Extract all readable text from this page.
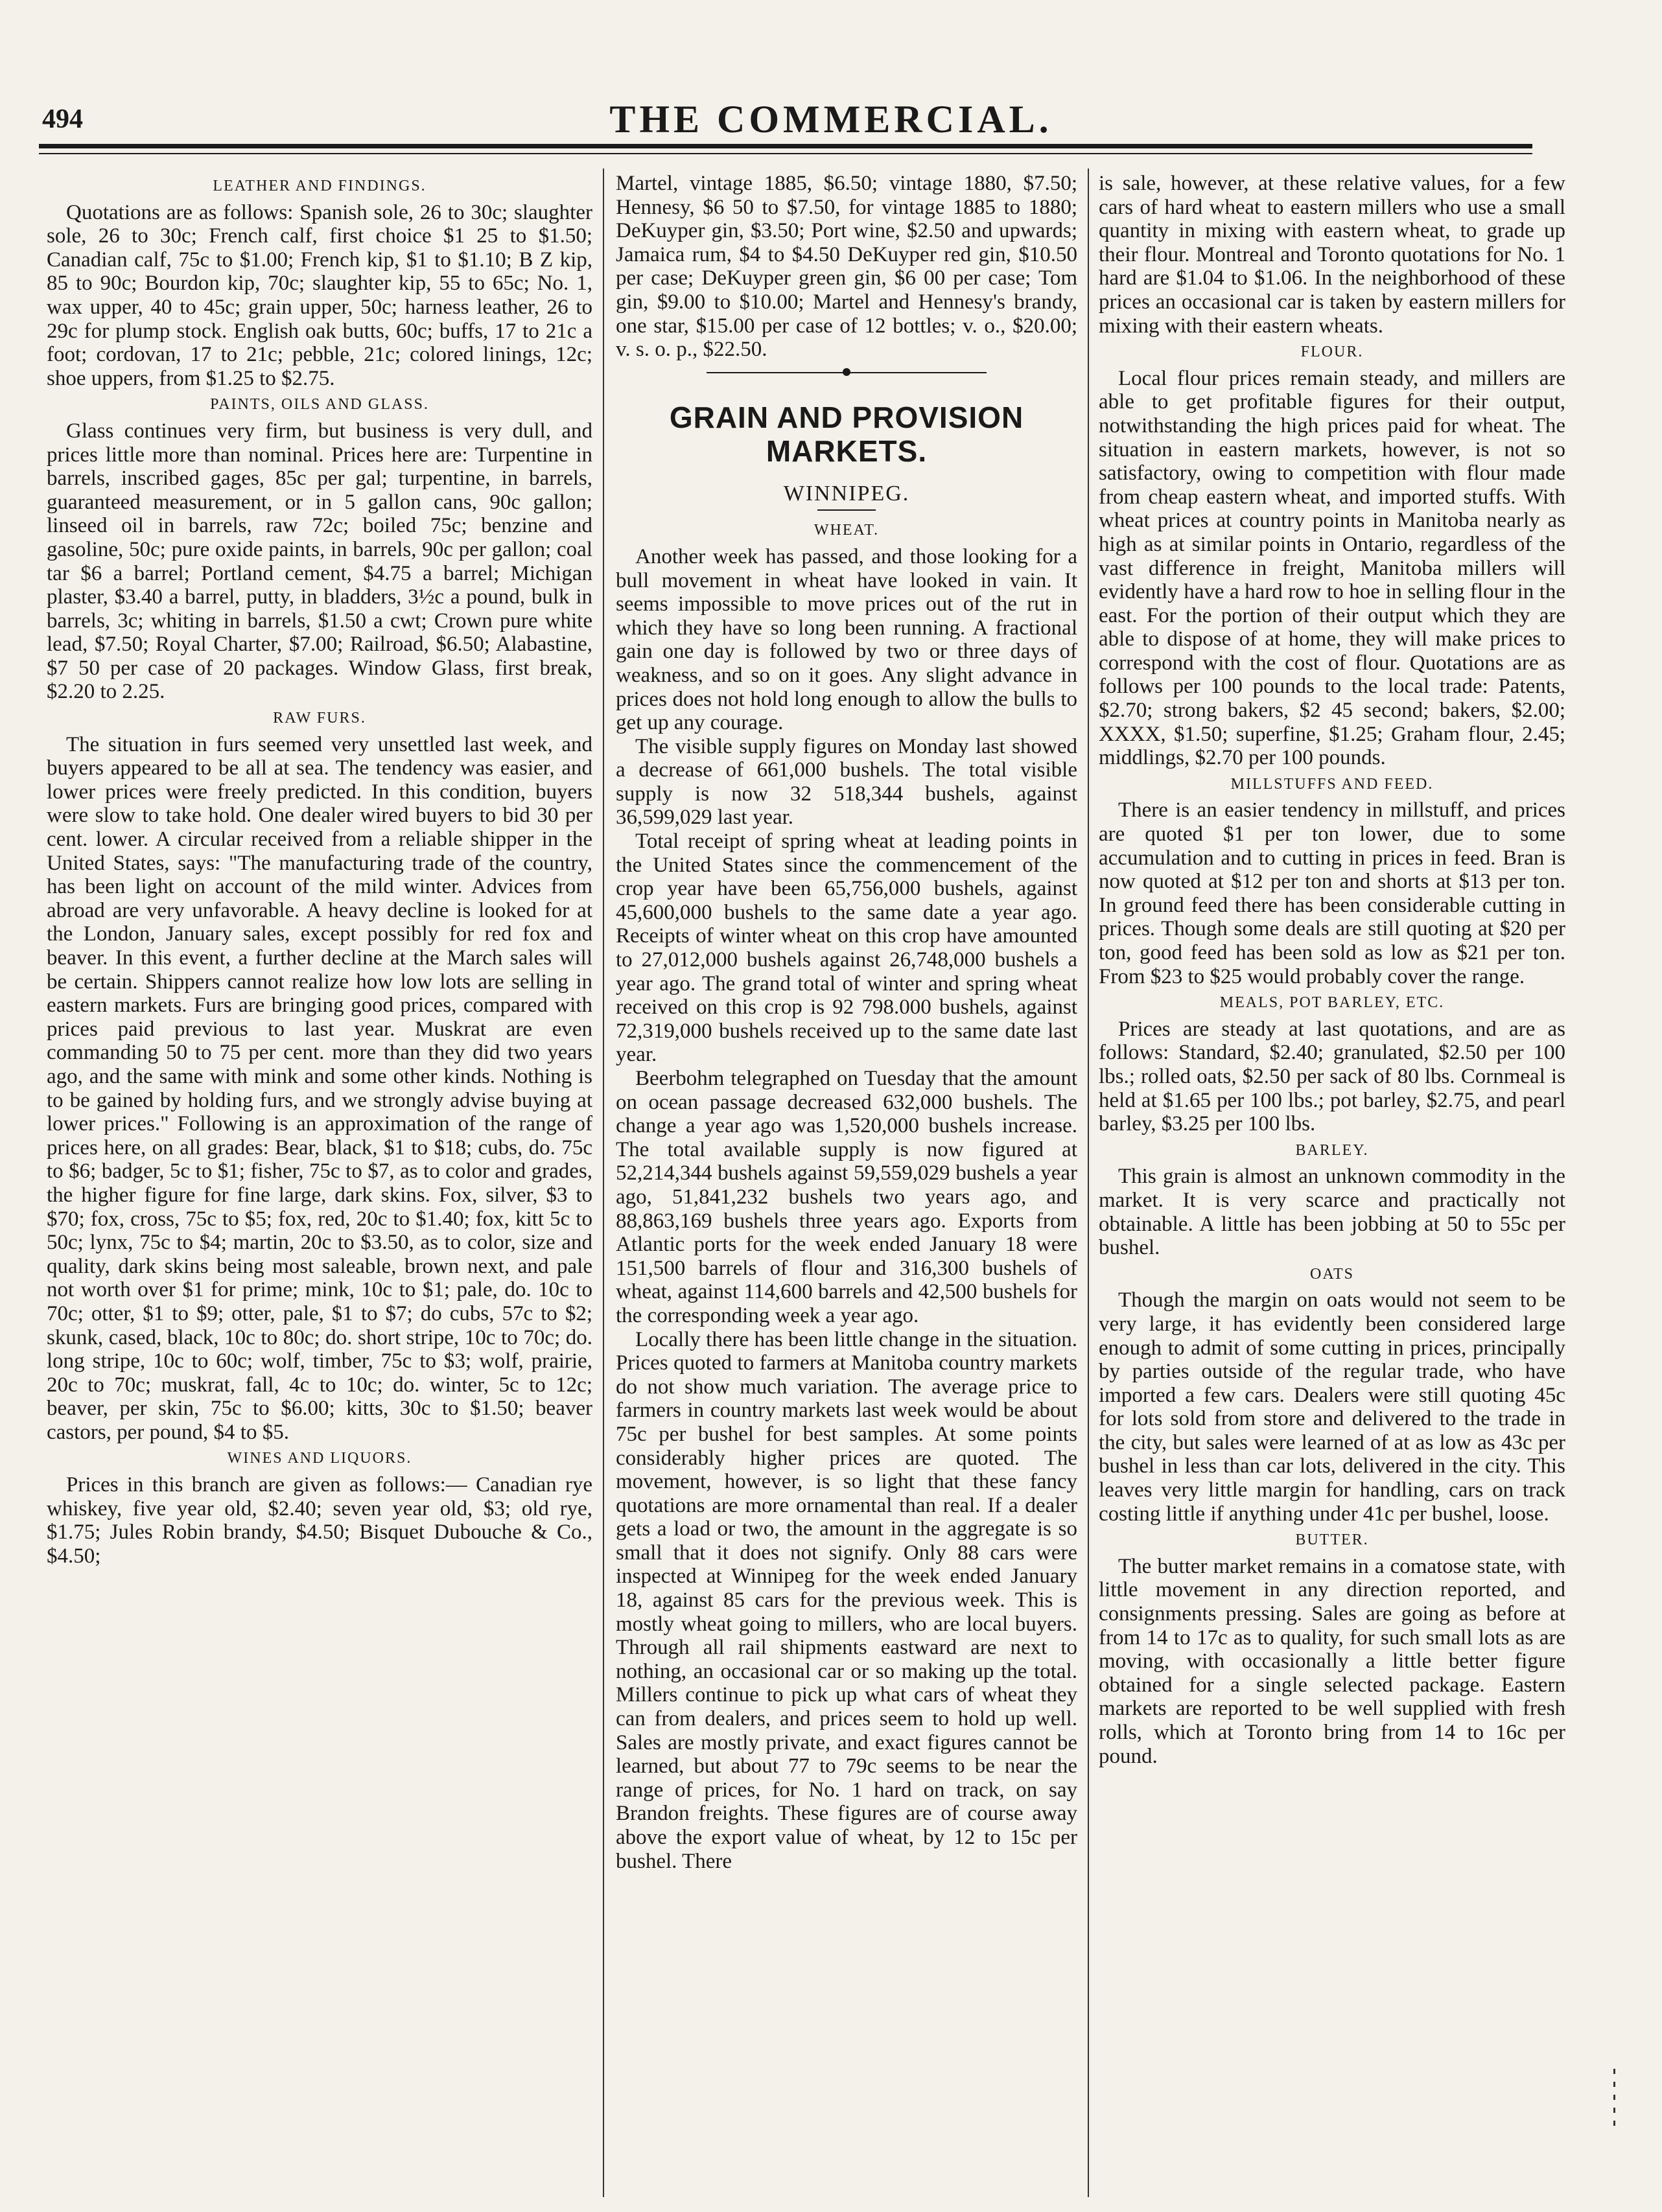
494	THE COMMERCIAL.
LEATHER AND FINDINGS.

Quotations are as follows: Spanish sole, 26 to 30c; slaughter sole, 26 to 30c; French calf, first choice $1 25 to $1.50; Canadian calf, 75c to $1.00; French kip, $1 to $1.10; B Z kip, 85 to 90c; Bourdon kip, 70c; slaughter kip, 55 to 65c; No. 1, wax upper, 40 to 45c; grain upper, 50c; harness leather, 26 to 29c for plump stock. English oak butts, 60c; buffs, 17 to 21c a foot; cordovan, 17 to 21c; pebble, 21c; colored linings, 12c; shoe uppers, from $1.25 to $2.75.

PAINTS, OILS AND GLASS.

Glass continues very firm, but business is very dull, and prices little more than nominal. Prices here are: Turpentine in barrels, inscribed gages, 85c per gal; turpentine, in barrels, guaranteed measurement, or in 5 gallon cans, 90c gallon; linseed oil in barrels, raw 72c; boiled 75c; benzine and gasoline, 50c; pure oxide paints, in barrels, 90c per gallon; coal tar $6 a barrel; Portland cement, $4.75 a barrel; Michigan plaster, $3.40 a barrel, putty, in bladders, 3½c a pound, bulk in barrels, 3c; whiting in barrels, $1.50 a cwt; Crown pure white lead, $7.50; Royal Charter, $7.00; Railroad, $6.50; Alabastine, $7 50 per case of 20 packages. Window Glass, first break, $2.20 to 2.25.

RAW FURS.

The situation in furs seemed very unsettled last week, and buyers appeared to be all at sea. The tendency was easier, and lower prices were freely predicted. In this condition, buyers were slow to take hold. One dealer wired buyers to bid 30 per cent. lower. A circular received from a reliable shipper in the United States, says: "The manufacturing trade of the country, has been light on account of the mild winter. Advices from abroad are very unfavorable. A heavy decline is looked for at the London, January sales, except possibly for red fox and beaver. In this event, a further decline at the March sales will be certain. Shippers cannot realize how low lots are selling in eastern markets. Furs are bringing good prices, compared with prices paid previous to last year. Muskrat are even commanding 50 to 75 per cent. more than they did two years ago, and the same with mink and some other kinds. Nothing is to be gained by holding furs, and we strongly advise buying at lower prices." Following is an approximation of the range of prices here, on all grades: Bear, black, $1 to $18; cubs, do. 75c to $6; badger, 5c to $1; fisher, 75c to $7, as to color and grades, the higher figure for fine large, dark skins. Fox, silver, $3 to $70; fox, cross, 75c to $5; fox, red, 20c to $1.40; fox, kitt 5c to 50c; lynx, 75c to $4; martin, 20c to $3.50, as to color, size and quality, dark skins being most saleable, brown next, and pale not worth over $1 for prime; mink, 10c to $1; pale, do. 10c to 70c; otter, $1 to $9; otter, pale, $1 to $7; do cubs, 57c to $2; skunk, cased, black, 10c to 80c; do. short stripe, 10c to 70c; do. long stripe, 10c to 60c; wolf, timber, 75c to $3; wolf, prairie, 20c to 70c; muskrat, fall, 4c to 10c; do. winter, 5c to 12c; beaver, per skin, 75c to $6.00; kitts, 30c to $1.50; beaver castors, per pound, $4 to $5.

WINES AND LIQUORS.

Prices in this branch are given as follows:— Canadian rye whiskey, five year old, $2.40; seven year old, $3; old rye, $1.75; Jules Robin brandy, $4.50; Bisquet Dubouche & Co., $4.50;

Martel, vintage 1885, $6.50; vintage 1880, $7.50; Hennesy, $6 50 to $7.50, for vintage 1885 to 1880; DeKuyper gin, $3.50; Port wine, $2.50 and upwards; Jamaica rum, $4 to $4.50 DeKuyper red gin, $10.50 per case; DeKuyper green gin, $6 00 per case; Tom gin, $9.00 to $10.00; Martel and Hennesy's brandy, one star, $15.00 per case of 12 bottles; v. o., $20.00; v. s. o. p., $22.50.

GRAIN AND PROVISION MARKETS.
WINNIPEG.
WHEAT.

Another week has passed, and those looking for a bull movement in wheat have looked in vain. It seems impossible to move prices out of the rut in which they have so long been running. A fractional gain one day is followed by two or three days of weakness, and so on it goes. Any slight advance in prices does not hold long enough to allow the bulls to get up any courage.

The visible supply figures on Monday last showed a decrease of 661,000 bushels. The total visible supply is now 32 518,344 bushels, against 36,599,029 last year.

Total receipt of spring wheat at leading points in the United States since the commencement of the crop year have been 65,756,000 bushels, against 45,600,000 bushels to the same date a year ago. Receipts of winter wheat on this crop have amounted to 27,012,000 bushels against 26,748,000 bushels a year ago. The grand total of winter and spring wheat received on this crop is 92 798.000 bushels, against 72,319,000 bushels received up to the same date last year.

Beerbohm telegraphed on Tuesday that the amount on ocean passage decreased 632,000 bushels. The change a year ago was 1,520,000 bushels increase. The total available supply is now figured at 52,214,344 bushels against 59,559,029 bushels a year ago, 51,841,232 bushels two years ago, and 88,863,169 bushels three years ago. Exports from Atlantic ports for the week ended January 18 were 151,500 barrels of flour and 316,300 bushels of wheat, against 114,600 barrels and 42,500 bushels for the corresponding week a year ago.

Locally there has been little change in the situation. Prices quoted to farmers at Manitoba country markets do not show much variation. The average price to farmers in country markets last week would be about 75c per bushel for best samples. At some points considerably higher prices are quoted. The movement, however, is so light that these fancy quotations are more ornamental than real. If a dealer gets a load or two, the amount in the aggregate is so small that it does not signify. Only 88 cars were inspected at Winnipeg for the week ended January 18, against 85 cars for the previous week. This is mostly wheat going to millers, who are local buyers. Through all rail shipments eastward are next to nothing, an occasional car or so making up the total. Millers continue to pick up what cars of wheat they can from dealers, and prices seem to hold up well. Sales are mostly private, and exact figures cannot be learned, but about 77 to 79c seems to be near the range of prices, for No. 1 hard on track, on say Brandon freights. These figures are of course away above the export value of wheat, by 12 to 15c per bushel. There

is sale, however, at these relative values, for a few cars of hard wheat to eastern millers who use a small quantity in mixing with eastern wheat, to grade up their flour. Montreal and Toronto quotations for No. 1 hard are $1.04 to $1.06. In the neighborhood of these prices an occasional car is taken by eastern millers for mixing with their eastern wheats.

FLOUR.

Local flour prices remain steady, and millers are able to get profitable figures for their output, notwithstanding the high prices paid for wheat. The situation in eastern markets, however, is not so satisfactory, owing to competition with flour made from cheap eastern wheat, and imported stuffs. With wheat prices at country points in Manitoba nearly as high as at similar points in Ontario, regardless of the vast difference in freight, Manitoba millers will evidently have a hard row to hoe in selling flour in the east. For the portion of their output which they are able to dispose of at home, they will make prices to correspond with the cost of flour. Quotations are as follows per 100 pounds to the local trade: Patents, $2.70; strong bakers, $2 45 second; bakers, $2.00; XXXX, $1.50; superfine, $1.25; Graham flour, 2.45; middlings, $2.70 per 100 pounds.

MILLSTUFFS AND FEED.

There is an easier tendency in millstuff, and prices are quoted $1 per ton lower, due to some accumulation and to cutting in prices in feed. Bran is now quoted at $12 per ton and shorts at $13 per ton. In ground feed there has been considerable cutting in prices. Though some deals are still quoting at $20 per ton, good feed has been sold as low as $21 per ton. From $23 to $25 would probably cover the range.

MEALS, POT BARLEY, ETC.

Prices are steady at last quotations, and are as follows: Standard, $2.40; granulated, $2.50 per 100 lbs.; rolled oats, $2.50 per sack of 80 lbs. Cornmeal is held at $1.65 per 100 lbs.; pot barley, $2.75, and pearl barley, $3.25 per 100 lbs.

BARLEY.

This grain is almost an unknown commodity in the market. It is very scarce and practically not obtainable. A little has been jobbing at 50 to 55c per bushel.

OATS

Though the margin on oats would not seem to be very large, it has evidently been considered large enough to admit of some cutting in prices, principally by parties outside of the regular trade, who have imported a few cars. Dealers were still quoting 45c for lots sold from store and delivered to the trade in the city, but sales were learned of at as low as 43c per bushel in less than car lots, delivered in the city. This leaves very little margin for handling, cars on track costing little if anything under 41c per bushel, loose.

BUTTER.

The butter market remains in a comatose state, with little movement in any direction reported, and consignments pressing. Sales are going as before at from 14 to 17c as to quality, for such small lots as are moving, with occasionally a little better figure obtained for a single selected package. Eastern markets are reported to be well supplied with fresh rolls, which at Toronto bring from 14 to 16c per pound.
